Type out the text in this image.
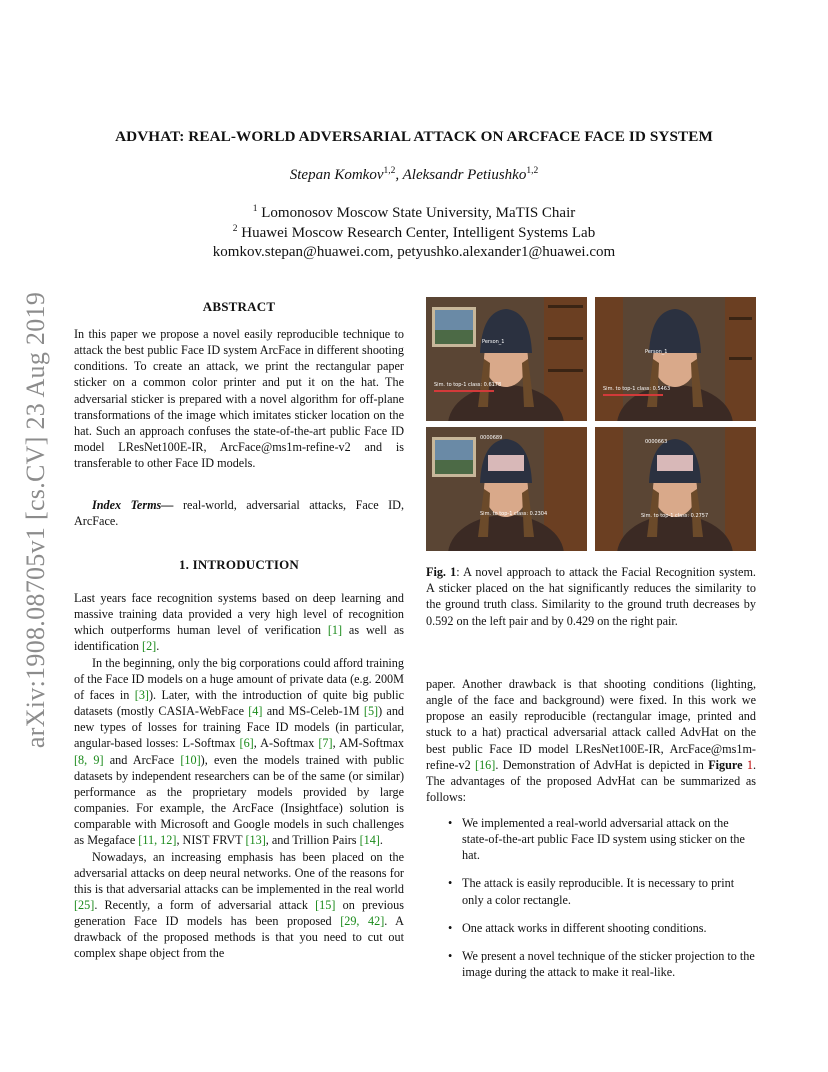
arXiv:1908.08705v1 [cs.CV] 23 Aug 2019
ADVHAT: REAL-WORLD ADVERSARIAL ATTACK ON ARCFACE FACE ID SYSTEM
Stepan Komkov$^{1,2}$, Aleksandr Petiushko$^{1,2}$
$^1$ Lomonosov Moscow State University, MaTIS Chair
$^2$ Huawei Moscow Research Center, Intelligent Systems Lab
komkov.stepan@huawei.com, petyushko.alexander1@huawei.com
ABSTRACT

In this paper we propose a novel easily reproducible technique to attack the best public Face ID system ArcFace in different shooting conditions. To create an attack, we print the rectangular paper sticker on a common color printer and put it on the hat. The adversarial sticker is prepared with a novel algorithm for off-plane transformations of the image which imitates sticker location on the hat. Such an approach confuses the state-of-the-art public Face ID model LResNet100E-IR, ArcFace@ms1m-refine-v2 and is transferable to other Face ID models.

Index Terms— real-world, adversarial attacks, Face ID, ArcFace.

1. INTRODUCTION

Last years face recognition systems based on deep learning and massive training data provided a very high level of recognition which outperforms human level of verification [1] as well as identification [2].

In the beginning, only the big corporations could afford training of the Face ID models on a huge amount of private data (e.g. 200M of faces in [3]). Later, with the introduction of quite big public datasets (mostly CASIA-WebFace [4] and MS-Celeb-1M [5]) and new types of losses for training Face ID models (in particular, angular-based losses: L-Softmax [6], A-Softmax [7], AM-Softmax [8, 9] and ArcFace [10]), even the models trained with public datasets by independent researchers can be of the same (or similar) performance as the proprietary models provided by large companies. For example, the ArcFace (Insightface) solution is comparable with Microsoft and Google models in such challenges as Megaface [11, 12], NIST FRVT [13], and Trillion Pairs [14].

Nowadays, an increasing emphasis has been placed on the adversarial attacks on deep neural networks. One of the reasons for this is that adversarial attacks can be implemented in the real world [25]. Recently, a form of adversarial attack [15] on previous generation Face ID models has been proposed [29, 42]. A drawback of the proposed methods is that you need to cut out complex shape object from the

Person_1
Sim. to top-1 class: 0.6178
Person_1
Sim. to top-1 class: 0.5463
0000689
Sim. to top-1 class: 0.2304
0000663
Sim. to top-1 class: 0.2757
Fig. 1: A novel approach to attack the Facial Recognition system. A sticker placed on the hat significantly reduces the similarity to the ground truth class. Similarity to the ground truth decreases by 0.592 on the left pair and by 0.429 on the right pair.

paper. Another drawback is that shooting conditions (lighting, angle of the face and background) were fixed. In this work we propose an easily reproducible (rectangular image, printed and stuck to a hat) practical adversarial attack called AdvHat on the best public Face ID model LResNet100E-IR, ArcFace@ms1m-refine-v2 [16]. Demonstration of AdvHat is depicted in Figure 1. The advantages of the proposed AdvHat can be summarized as follows:

• We implemented a real-world adversarial attack on the state-of-the-art public Face ID system using sticker on the hat.
• The attack is easily reproducible. It is necessary to print only a color rectangle.
• One attack works in different shooting conditions.
• We present a novel technique of the sticker projection to the image during the attack to make it real-like.
